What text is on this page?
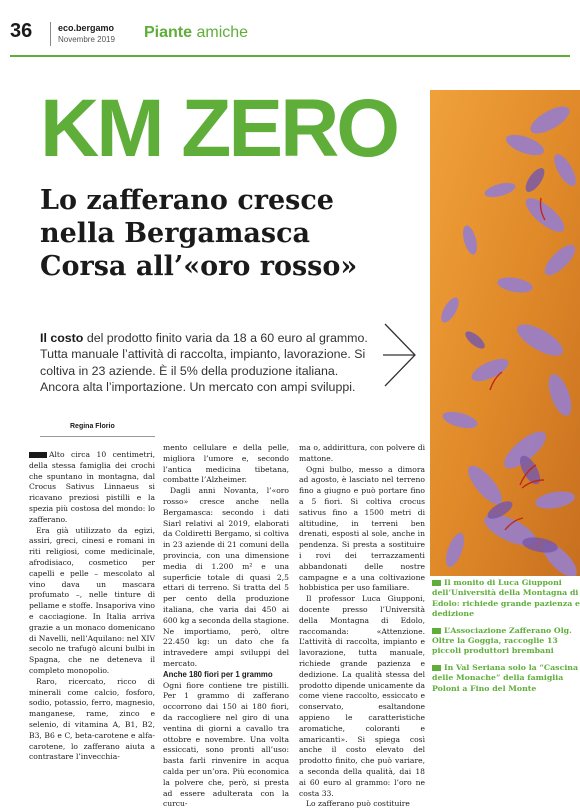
36	eco.bergamo
Novembre 2019 Piante amiche
KM ZERO
Lo zafferano cresce
nella Bergamasca
Corsa all’«oro rosso»
Il costo del prodotto finito varia da 18 a 60 euro al grammo. Tutta manuale l’attività di raccolta, impianto, lavorazione. Si coltiva in 23 aziende. È il 5% della produzione italiana. Ancora alta l’importazione. Un mercato con ampi sviluppi.
Regina Florio

Alto circa 10 centimetri, della stessa famiglia dei crochi che spuntano in montagna, dal Crocus Sativus Linnaeus si ricavano preziosi pistilli e la spezia più costosa del mondo: lo zafferano.

Era già utilizzato da egizi, assiri, greci, cinesi e romani in riti religiosi, come medicinale, afrodisiaco, cosmetico per capelli e pelle – mescolato al vino dava un mascara profumato –, nelle tinture di pellame e stoffe. Insaporiva vino e cacciagione. In Italia arriva grazie a un monaco domenicano di Navelli, nell’Aquilano: nel XIV secolo ne trafugò alcuni bulbi in Spagna, che ne deteneva il completo monopolio.

Raro, ricercato, ricco di minerali come calcio, fosforo, sodio, potassio, ferro, magnesio, manganese, rame, zinco e selenio, di vitamina A, B1, B2, B3, B6 e C, beta-carotene e alfa-carotene, lo zafferano aiuta a contrastare l’invecchia-

mento cellulare e della pelle, migliora l’umore e, secondo l’antica medicina tibetana, combatte l’Alzheimer.

Dagli anni Novanta, l’«oro rosso» cresce anche nella Bergamasca: secondo i dati Siarl relativi al 2019, elaborati da Coldiretti Bergamo, si coltiva in 23 aziende di 21 comuni della provincia, con una dimensione media di 1.200 m² e una superficie totale di quasi 2,5 ettari di terreno. Si tratta del 5 per cento della produzione italiana, che varia dai 450 ai 600 kg a seconda della stagione. Ne importiamo, però, oltre 22.450 kg: un dato che fa intravedere ampi sviluppi del mercato.

Anche 180 fiori per 1 grammo

Ogni fiore contiene tre pistilli. Per 1 grammo di zafferano occorrono dai 150 ai 180 fiori, da raccogliere nel giro di una ventina di giorni a cavallo tra ottobre e novembre. Una volta essiccati, sono pronti all’uso: basta farli rinvenire in acqua calda per un’ora. Più economica la polvere che, però, si presta ad essere adulterata con la curcu-

ma o, addirittura, con polvere di mattone.

Ogni bulbo, messo a dimora ad agosto, è lasciato nel terreno fino a giugno e può portare fino a 5 fiori. Si coltiva crocus sativus fino a 1500 metri di altitudine, in terreni ben drenati, esposti al sole, anche in pendenza. Si presta a sostituire i rovi dei terrazzamenti abbandonati delle nostre campagne e a una coltivazione hobbistica per uso familiare.

Il professor Luca Giupponi, docente presso l’Università della Montagna di Edolo, raccomanda: «Attenzione. L’attività di raccolta, impianto e lavorazione, tutta manuale, richiede grande pazienza e dedizione. La qualità stessa del prodotto dipende unicamente da come viene raccolto, essiccato e conservato, esaltandone appieno le caratteristiche aromatiche, coloranti e amaricanti». Si spiega così anche il costo elevato del prodotto finito, che può variare, a seconda della qualità, dai 18 ai 60 euro al grammo: l’oro ne costa 33.

Lo zafferano può costituire

Il monito di Luca Giupponi dell’Università della Montagna di Edolo: richiede grande pazienza e dedizione
L’Associazione Zafferano Olg. Oltre la Goggia, raccoglie 13 piccoli produttori brembani
In Val Seriana solo la “Cascina delle Monache” della famiglia Poloni a Fino del Monte
